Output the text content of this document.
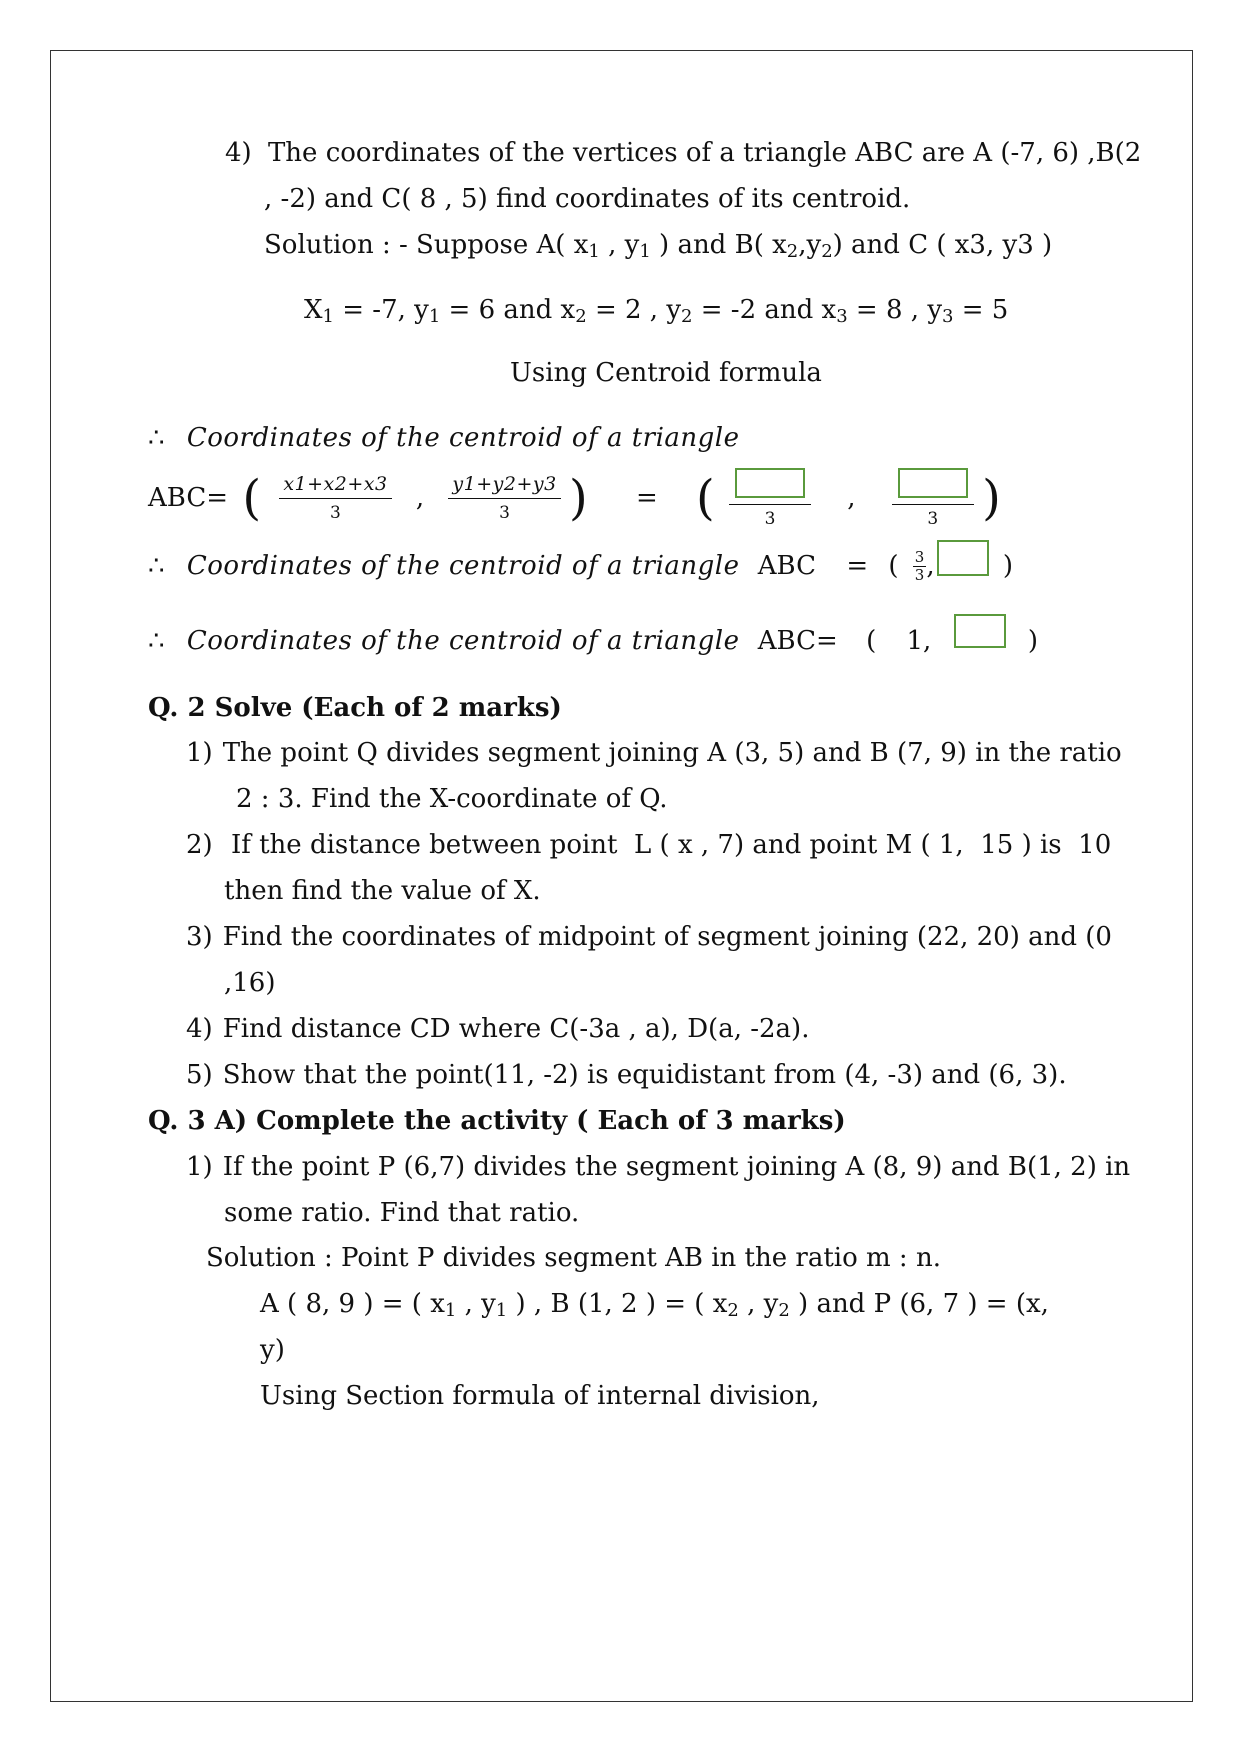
4) The coordinates of the vertices of a triangle ABC are A (-7, 6) ,B(2
, -2) and C( 8 , 5) find coordinates of its centroid.
Solution : - Suppose A( $x_1$ , $y_1$ ) and B( $x_2,y_2$) and C ( x3, y3 )
$X_1 = -7$, $y_1 = 6$ and $x_2 = 2$ , $y_2 = -2$ and $x_3 = 8$ , $y_3 = 5$
Using Centroid formula
∴ Coordinates of the centroid of a triangle
ABC= ( $\frac{x1+x2+x3}{3}$ , $\frac{y1+y2+y3}{3}$ ) = (	3
,
3 )
∴ Coordinates of the centroid of a triangle ABC = ( $\frac{3}{3}$ ,	)
∴ Coordinates of the centroid of a triangle ABC= ( 1,	)
Q. 2 Solve (Each of 2 marks)
1) The point Q divides segment joining A (3, 5) and B (7, 9) in the ratio
2 : 3. Find the X-coordinate of Q.
2) If the distance between point  L ( x , 7) and point M ( 1,  15 ) is  10
then find the value of X.
3) Find the coordinates of midpoint of segment joining (22, 20) and (0
,16)
4) Find distance CD where C(-3a , a), D(a, -2a).
5) Show that the point(11, -2) is equidistant from (4, -3) and (6, 3).
Q. 3 A) Complete the activity ( Each of 3 marks)
1) If the point P (6,7) divides the segment joining A (8, 9) and B(1, 2) in
some ratio. Find that ratio.
Solution : Point P divides segment AB in the ratio m : n.
A ( 8, 9 ) = ( $x_1$ , $y_1$ ) , B (1, 2 ) = ( $x_2$ , $y_2$ ) and P (6, 7 ) = (x,
y)
Using Section formula of internal division,
